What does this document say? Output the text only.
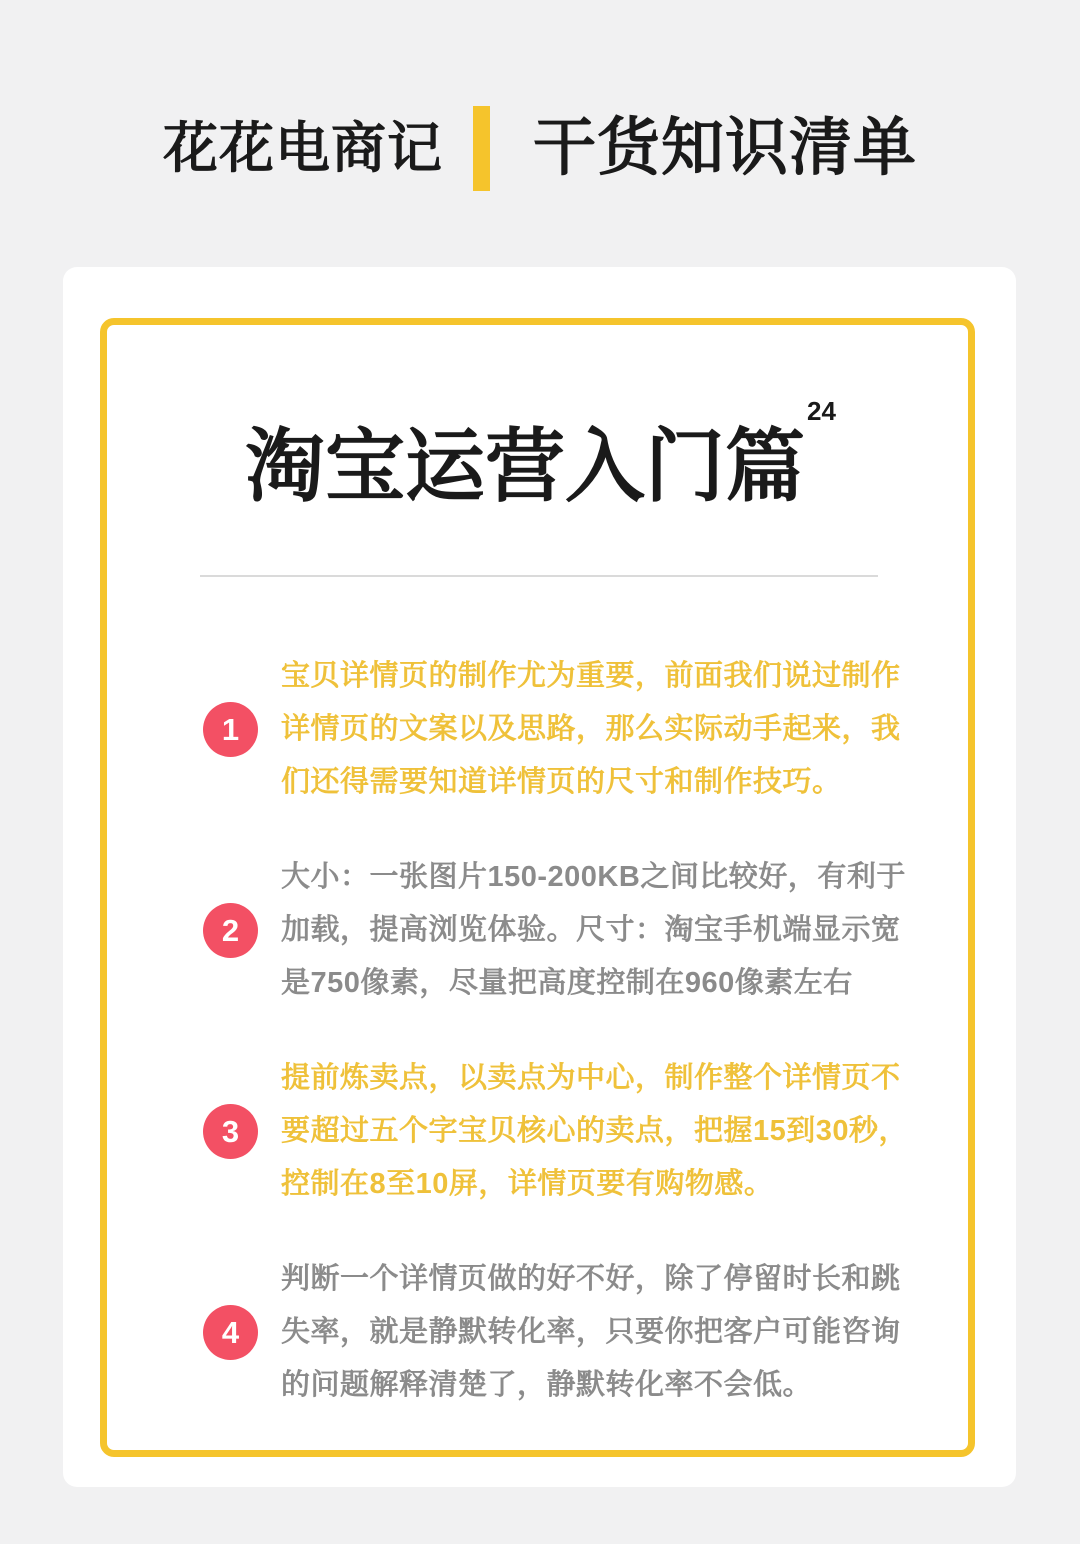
花花电商记 干货知识清单
淘宝运营入门篇$^{24}$
1
宝贝详情页的制作尤为重要，前面我们说过制作
详情页的文案以及思路，那么实际动手起来，我
们还得需要知道详情页的尺寸和制作技巧。
2
大小：一张图片150-200KB之间比较好，有利于
加载，提高浏览体验。尺寸：淘宝手机端显示宽
是750像素，尽量把高度控制在960像素左右
3
提前炼卖点，以卖点为中心，制作整个详情页不
要超过五个字宝贝核心的卖点，把握15到30秒，
控制在8至10屏，详情页要有购物感。
4
判断一个详情页做的好不好，除了停留时长和跳
失率，就是静默转化率，只要你把客户可能咨询
的问题解释清楚了，静默转化率不会低。
